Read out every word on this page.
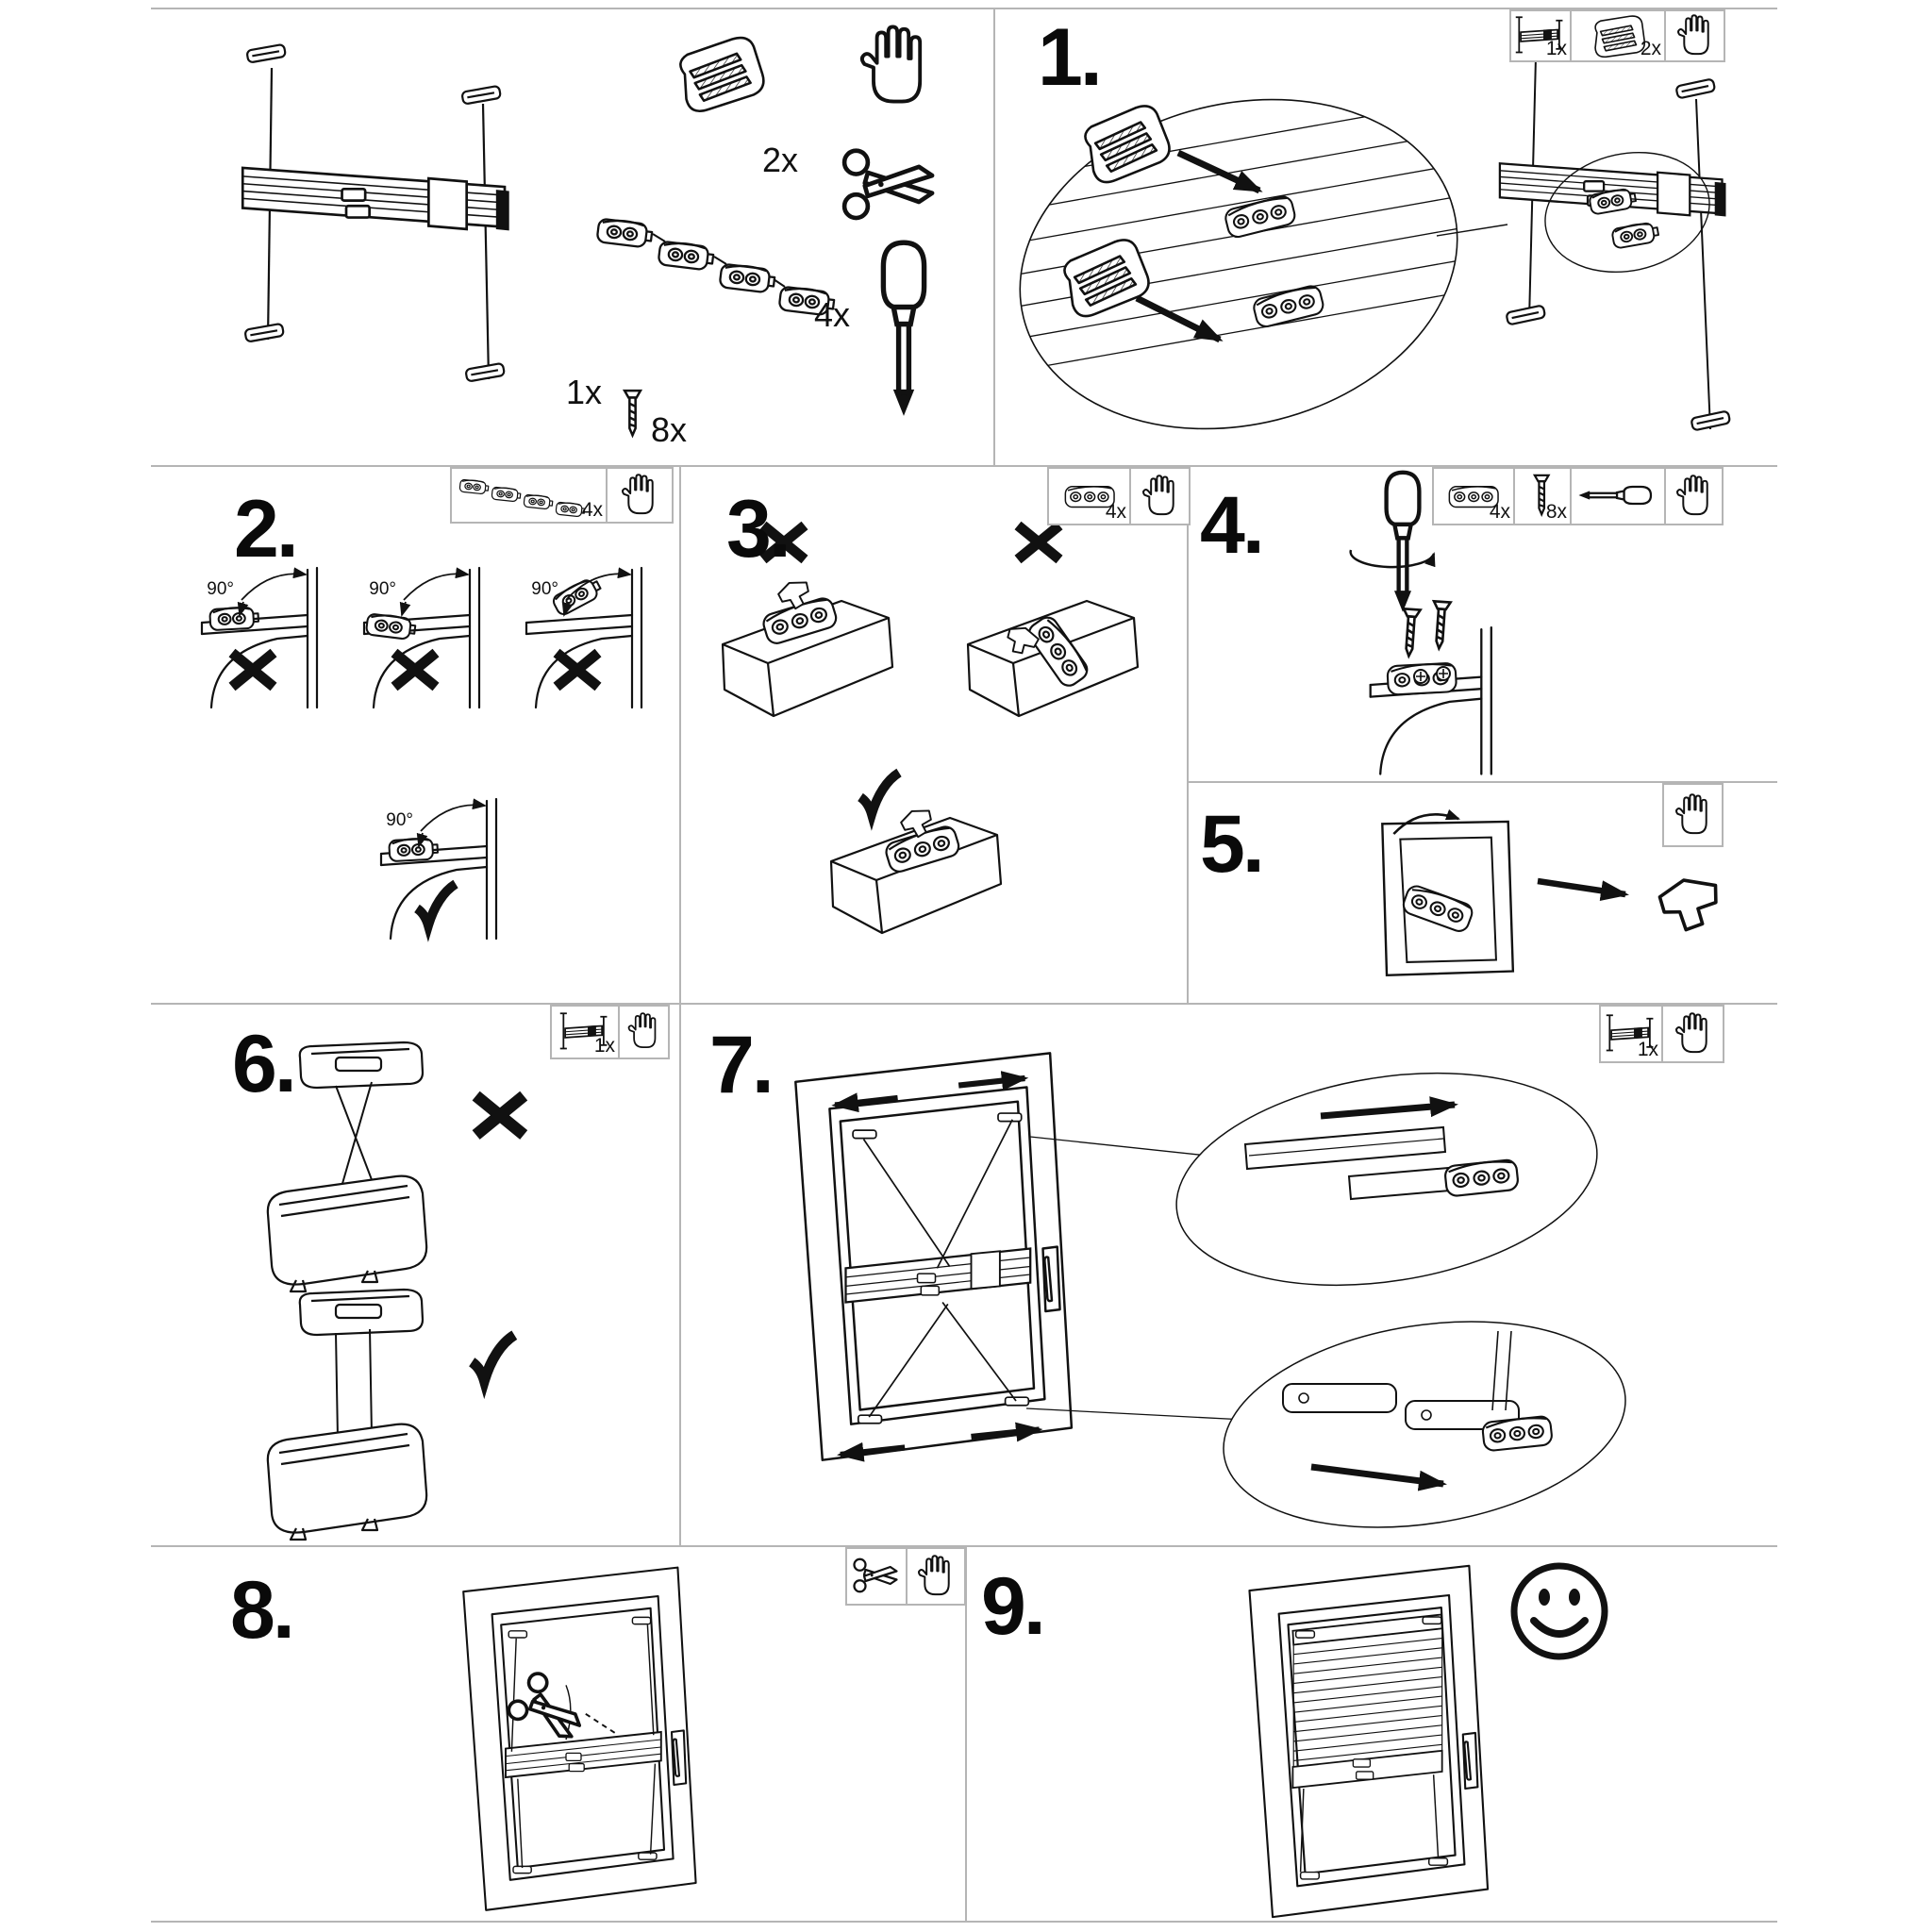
1x
2x
4x
8x
1.	1x	2x
90°	90°	90°
90°
2.	4x 3.	4x 4.	4x 8x
5.
6.	1x 7.	1x
8.	9.
